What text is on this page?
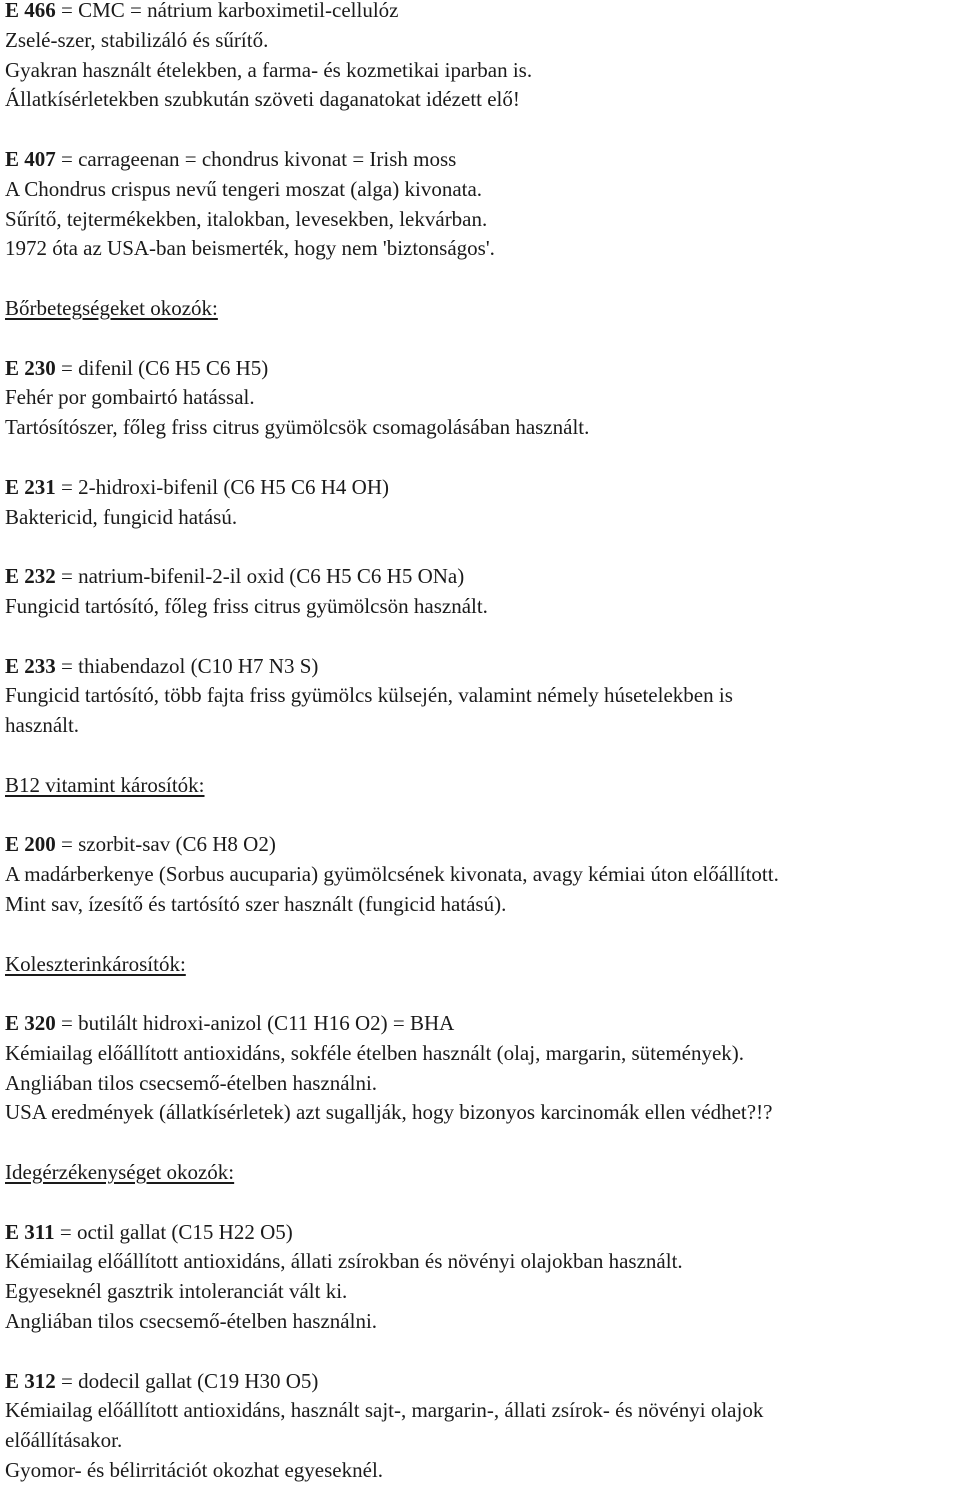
E 466 = CMC = nátrium karboximetil-cellulóz
Zselé-szer, stabilizáló és sűrítő.
Gyakran használt ételekben, a farma- és kozmetikai iparban is.
Állatkísérletekben szubkután szöveti daganatokat idézett elő!
E 407 = carrageenan = chondrus kivonat = Irish moss
A Chondrus crispus nevű tengeri moszat (alga) kivonata.
Sűrítő, tejtermékekben, italokban, levesekben, lekvárban.
1972 óta az USA-ban beismerték, hogy nem 'biztonságos'.
Bőrbetegségeket okozók:
E 230 = difenil (C6 H5 C6 H5)
Fehér por gombairtó hatással.
Tartósítószer, főleg friss citrus gyümölcsök csomagolásában használt.
E 231 = 2-hidroxi-bifenil (C6 H5 C6 H4 OH)
Baktericid, fungicid hatású.
E 232 = natrium-bifenil-2-il oxid (C6 H5 C6 H5 ONa)
Fungicid tartósító, főleg friss citrus gyümölcsön használt.
E 233 = thiabendazol (C10 H7 N3 S)
Fungicid tartósító, több fajta friss gyümölcs külsején, valamint némely húsetelekben is
használt.
B12 vitamint károsítók:
E 200 = szorbit-sav (C6 H8 O2)
A madárberkenye (Sorbus aucuparia) gyümölcsének kivonata, avagy kémiai úton előállított.
Mint sav, ízesítő és tartósító szer használt (fungicid hatású).
Koleszterinkárosítók:
E 320 = butilált hidroxi-anizol (C11 H16 O2) = BHA
Kémiailag előállított antioxidáns, sokféle ételben használt (olaj, margarin, sütemények).
Angliában tilos csecsemő-ételben használni.
USA eredmények (állatkísérletek) azt sugallják, hogy bizonyos karcinomák ellen védhet?!?
Idegérzékenységet okozók:
E 311 = octil gallat (C15 H22 O5)
Kémiailag előállított antioxidáns, állati zsírokban és növényi olajokban használt.
Egyeseknél gasztrik intoleranciát vált ki.
Angliában tilos csecsemő-ételben használni.
E 312 = dodecil gallat (C19 H30 O5)
Kémiailag előállított antioxidáns, használt sajt-, margarin-, állati zsírok- és növényi olajok
előállításakor.
Gyomor- és bélirritációt okozhat egyeseknél.
